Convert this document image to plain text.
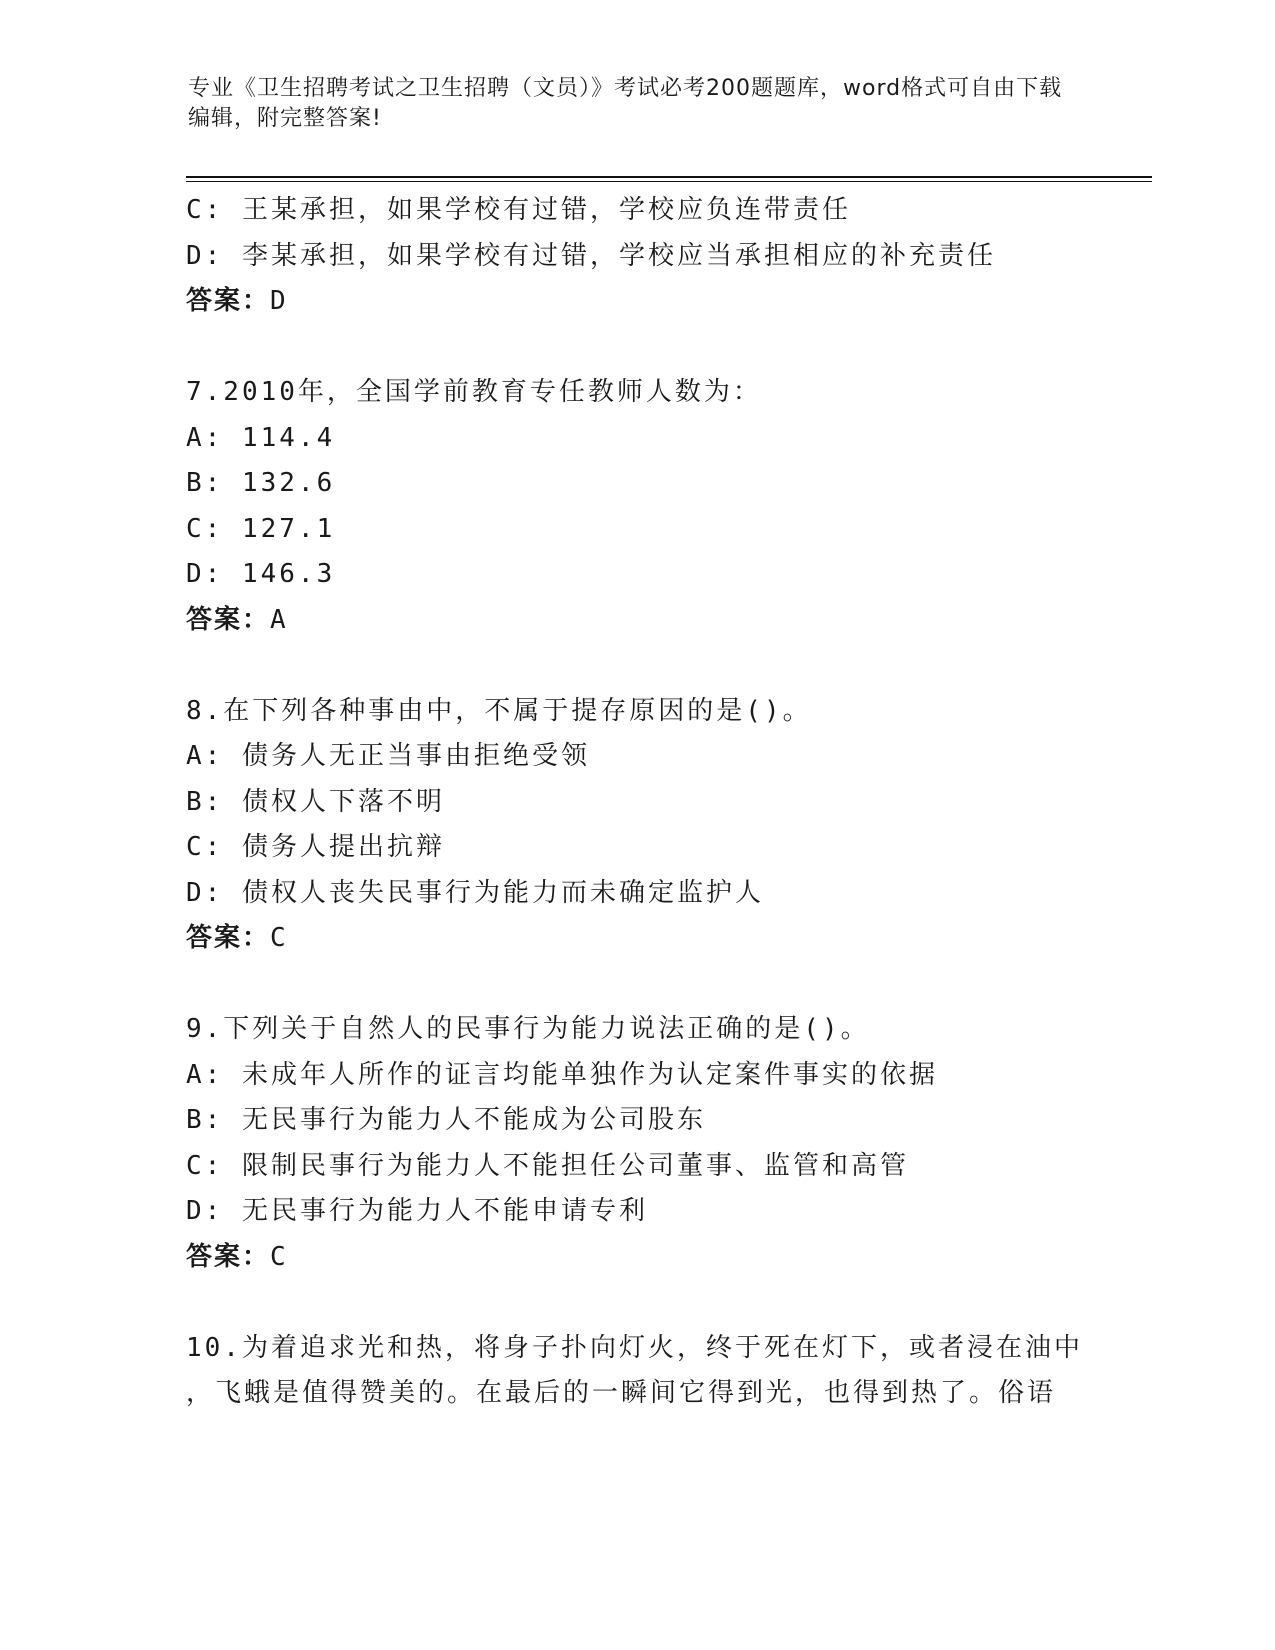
专业《卫生招聘考试之卫生招聘（文员）》考试必考200题题库，word格式可自由下载编辑，附完整答案!
C: 王某承担，如果学校有过错，学校应负连带责任
D: 李某承担，如果学校有过错，学校应当承担相应的补充责任
答案：D
7.2010年，全国学前教育专任教师人数为：
A: 114.4
B: 132.6
C: 127.1
D: 146.3
答案：A
8.在下列各种事由中，不属于提存原因的是()。
A: 债务人无正当事由拒绝受领
B: 债权人下落不明
C: 债务人提出抗辩
D: 债权人丧失民事行为能力而未确定监护人
答案：C
9.下列关于自然人的民事行为能力说法正确的是()。
A: 未成年人所作的证言均能单独作为认定案件事实的依据
B: 无民事行为能力人不能成为公司股东
C: 限制民事行为能力人不能担任公司董事、监管和高管
D: 无民事行为能力人不能申请专利
答案：C
10.为着追求光和热，将身子扑向灯火，终于死在灯下，或者浸在油中
，飞蛾是值得赞美的。在最后的一瞬间它得到光，也得到热了。俗语
